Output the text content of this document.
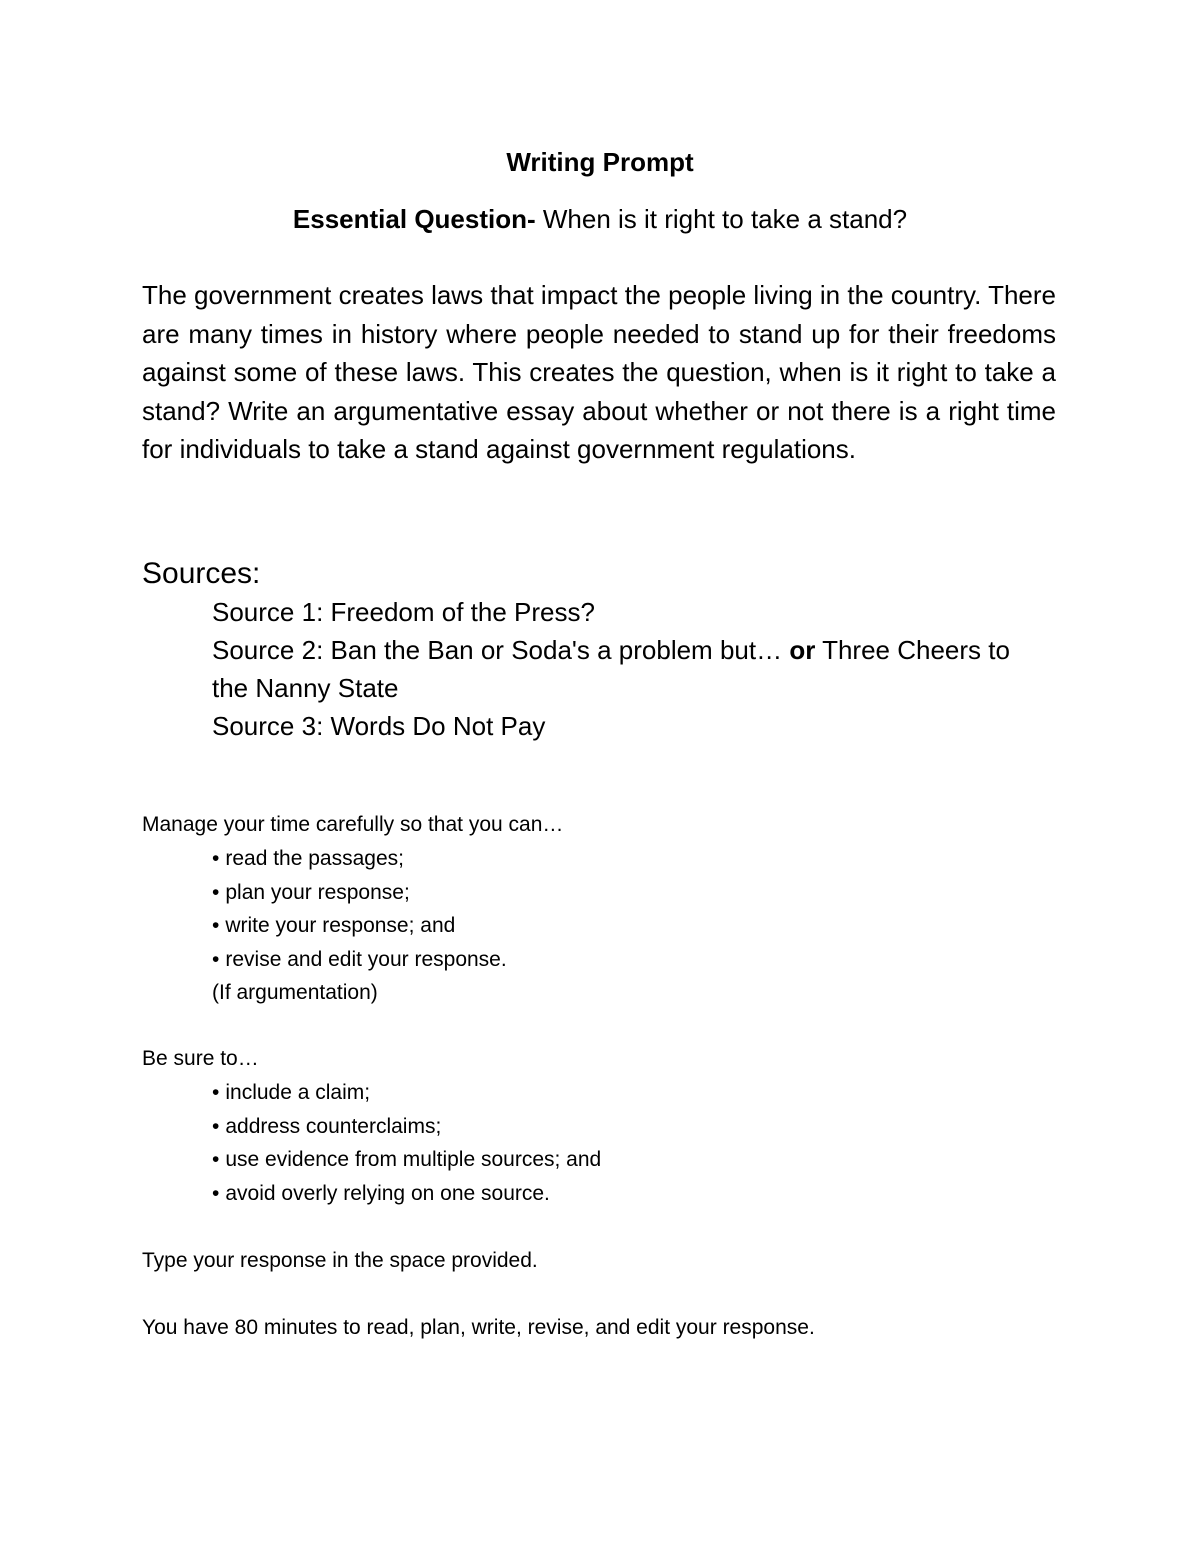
Writing Prompt
Essential Question- When is it right to take a stand?

The government creates laws that impact the people living in the country. There are many times in history where people needed to stand up for their freedoms against some of these laws. This creates the question, when is it right to take a stand? Write an argumentative essay about whether or not there is a right time for individuals to take a stand against government regulations.

Sources:
Source 1: Freedom of the Press?
Source 2: Ban the Ban or Soda's a problem but… or Three Cheers to the Nanny State
Source 3: Words Do Not Pay

Manage your time carefully so that you can…

• read the passages;
• plan your response;
• write your response; and
• revise and edit your response.
(If argumentation)

Be sure to…

• include a claim;
• address counterclaims;
• use evidence from multiple sources; and
• avoid overly relying on one source.

Type your response in the space provided.

You have 80 minutes to read, plan, write, revise, and edit your response.
